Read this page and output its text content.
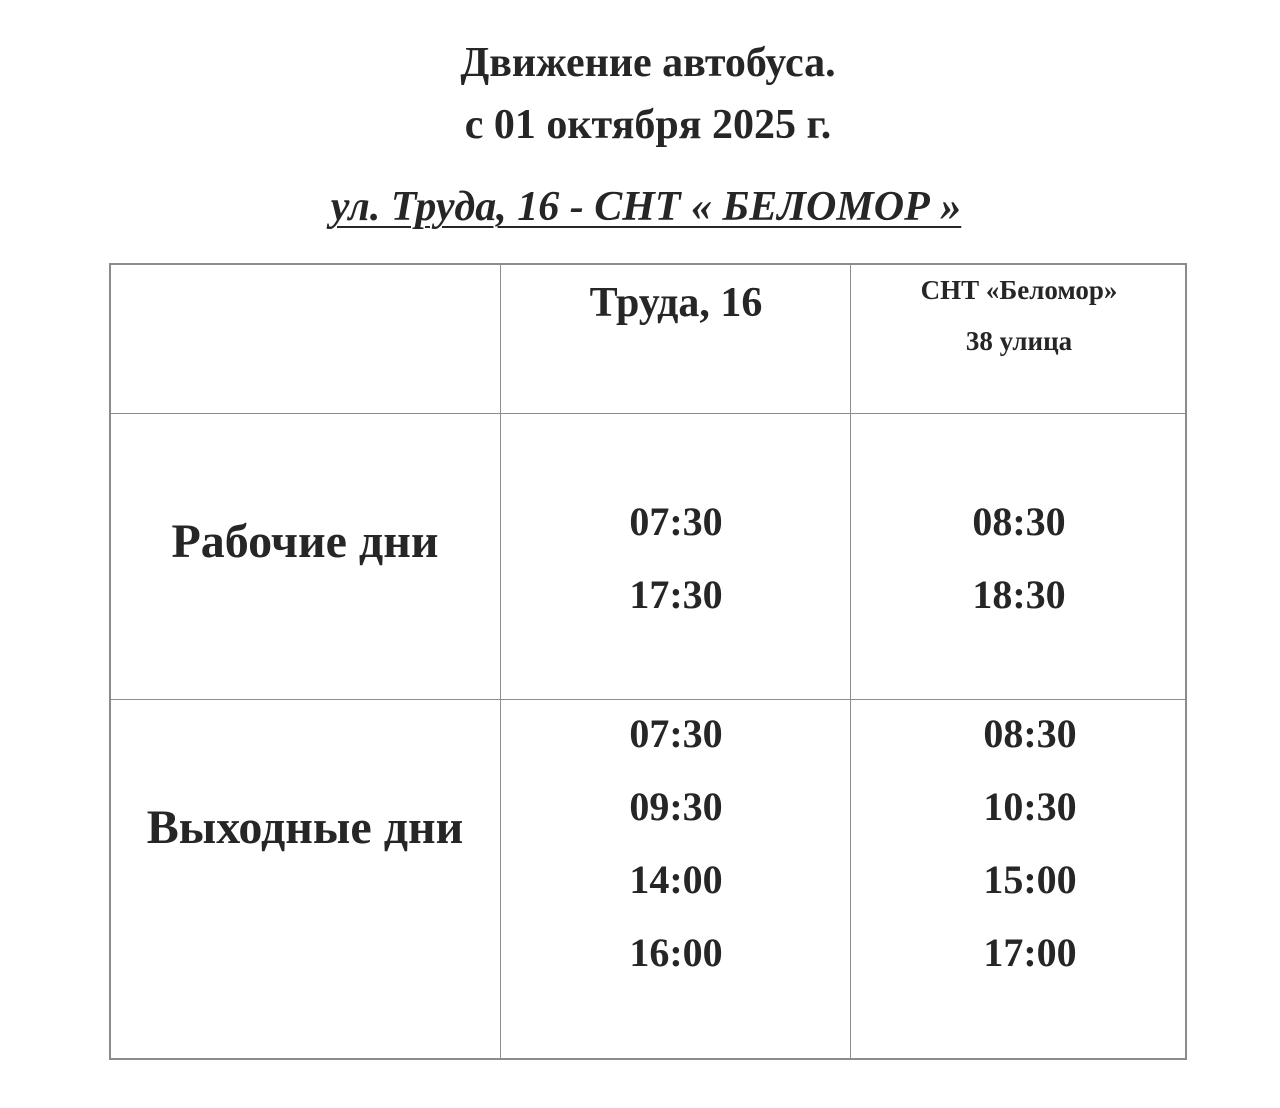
Движение автобуса.
с 01 октября 2025 г.
ул. Труда, 16 - СНТ « БЕЛОМОР »
Труда, 16	СНТ «Беломор»
38 улица
Рабочие дни
Выходные дни
07:30
17:30
08:30
18:30
07:30
09:30
14:00
16:00
08:30
10:30
15:00
17:00
